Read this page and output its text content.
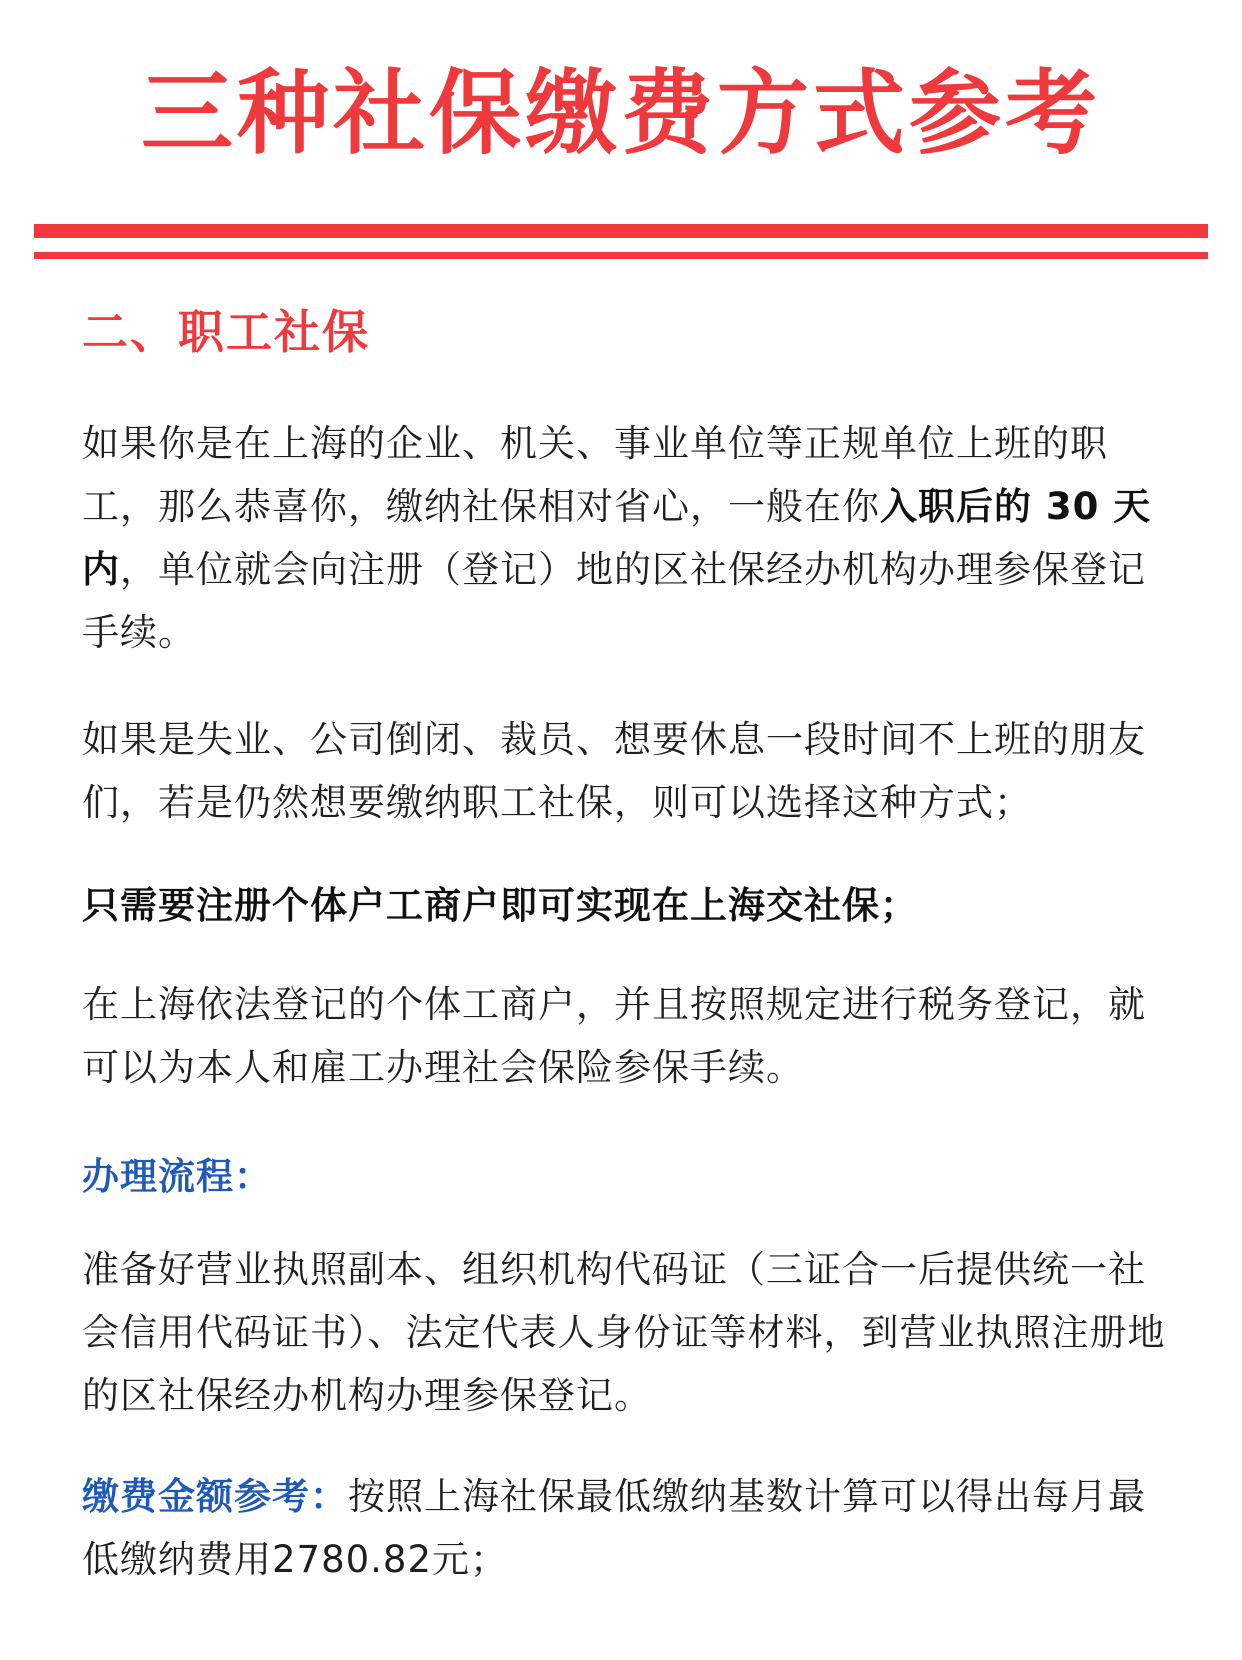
三种社保缴费方式参考
二、职工社保

如果你是在上海的企业、机关、事业单位等正规单位上班的职工，那么恭喜你，缴纳社保相对省心，一般在你入职后的 30 天内，单位就会向注册（登记）地的区社保经办机构办理参保登记手续。

如果是失业、公司倒闭、裁员、想要休息一段时间不上班的朋友们，若是仍然想要缴纳职工社保，则可以选择这种方式；

只需要注册个体户工商户即可实现在上海交社保；

在上海依法登记的个体工商户，并且按照规定进行税务登记，就可以为本人和雇工办理社会保险参保手续。

办理流程：

准备好营业执照副本、组织机构代码证（三证合一后提供统一社会信用代码证书）、法定代表人身份证等材料，到营业执照注册地的区社保经办机构办理参保登记。

缴费金额参考：按照上海社保最低缴纳基数计算可以得出每月最低缴纳费用2780.82元；
